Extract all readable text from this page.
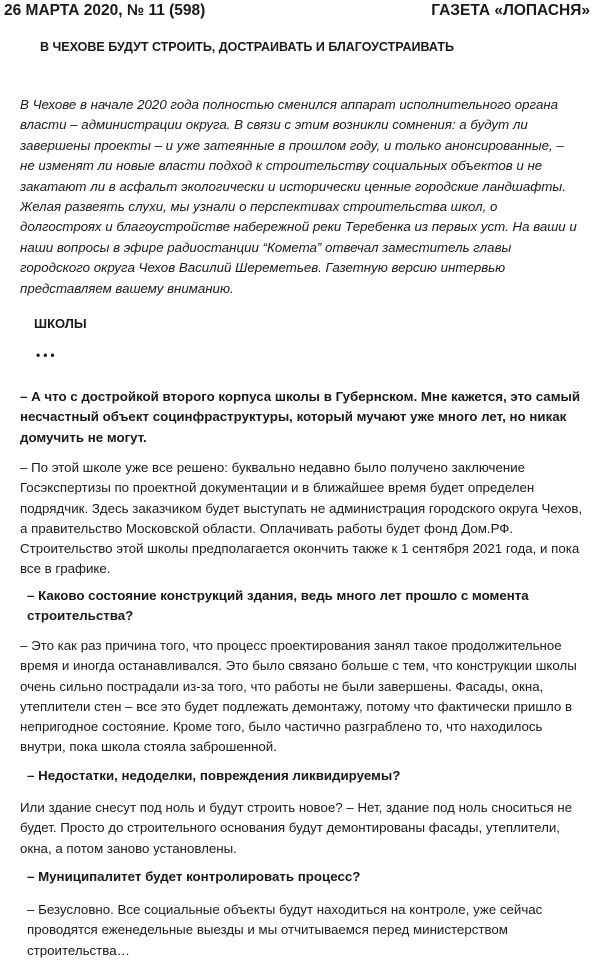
26 МАРТА 2020, № 11 (598)	ГАЗЕТА «ЛОПАСНЯ»
В ЧЕХОВЕ БУДУТ СТРОИТЬ, ДОСТРАИВАТЬ И БЛАГОУСТРАИВАТЬ

В Чехове в начале 2020 года полностью сменился аппарат исполнительного органа власти – администрации округа. В связи с этим возникли сомнения: а будут ли завершены проекты – и уже затеянные в прошлом году, и только анонсированные, – не изменят ли новые власти подход к строительству социальных объектов и не закатают ли в асфальт экологически и исторически ценные городские ландшафты. Желая развеять слухи, мы узнали о перспективах строительства школ, о долгостроях и благоустройстве набережной реки Теребенка из первых уст. На ваши и наши вопросы в эфире радиостанции “Комета” отвечал заместитель главы городского округа Чехов Василий Шереметьев. Газетную версию интервью представляем вашему вниманию.

ШКОЛЫ
•••

– А что с достройкой второго корпуса школы в Губернском. Мне кажется, это самый несчастный объект социнфраструктуры, который мучают уже много лет, но никак домучить не могут.

– По этой школе уже все решено: буквально недавно было получено заключение Госэкспертизы по проектной документации и в ближайшее время будет определен подрядчик. Здесь заказчиком будет выступать не администрация городского округа Чехов, а правительство Московской области. Оплачивать работы будет фонд Дом.РФ. Строительство этой школы предполагается окончить также к 1 сентября 2021 года, и пока все в графике.

– Каково состояние конструкций здания, ведь много лет прошло с момента строительства?

– Это как раз причина того, что процесс проектирования занял такое продолжительное время и иногда останавливался. Это было связано больше с тем, что конструкции школы очень сильно пострадали из-за того, что работы не были завершены. Фасады, окна, утеплители стен – все это будет подлежать демонтажу, потому что фактически пришло в непригодное состояние. Кроме того, было частично разграблено то, что находилось внутри, пока школа стояла заброшенной.

– Недостатки, недоделки, повреждения ликвидируемы?

Или здание снесут под ноль и будут строить новое? – Нет, здание под ноль сноситься не будет. Просто до строительного основания будут демонтированы фасады, утеплители, окна, а потом заново установлены.

– Муниципалитет будет контролировать процесс?

– Безусловно. Все социальные объекты будут находиться на контроле, уже сейчас проводятся еженедельные выезды и мы отчитываемся перед министерством строительства…
